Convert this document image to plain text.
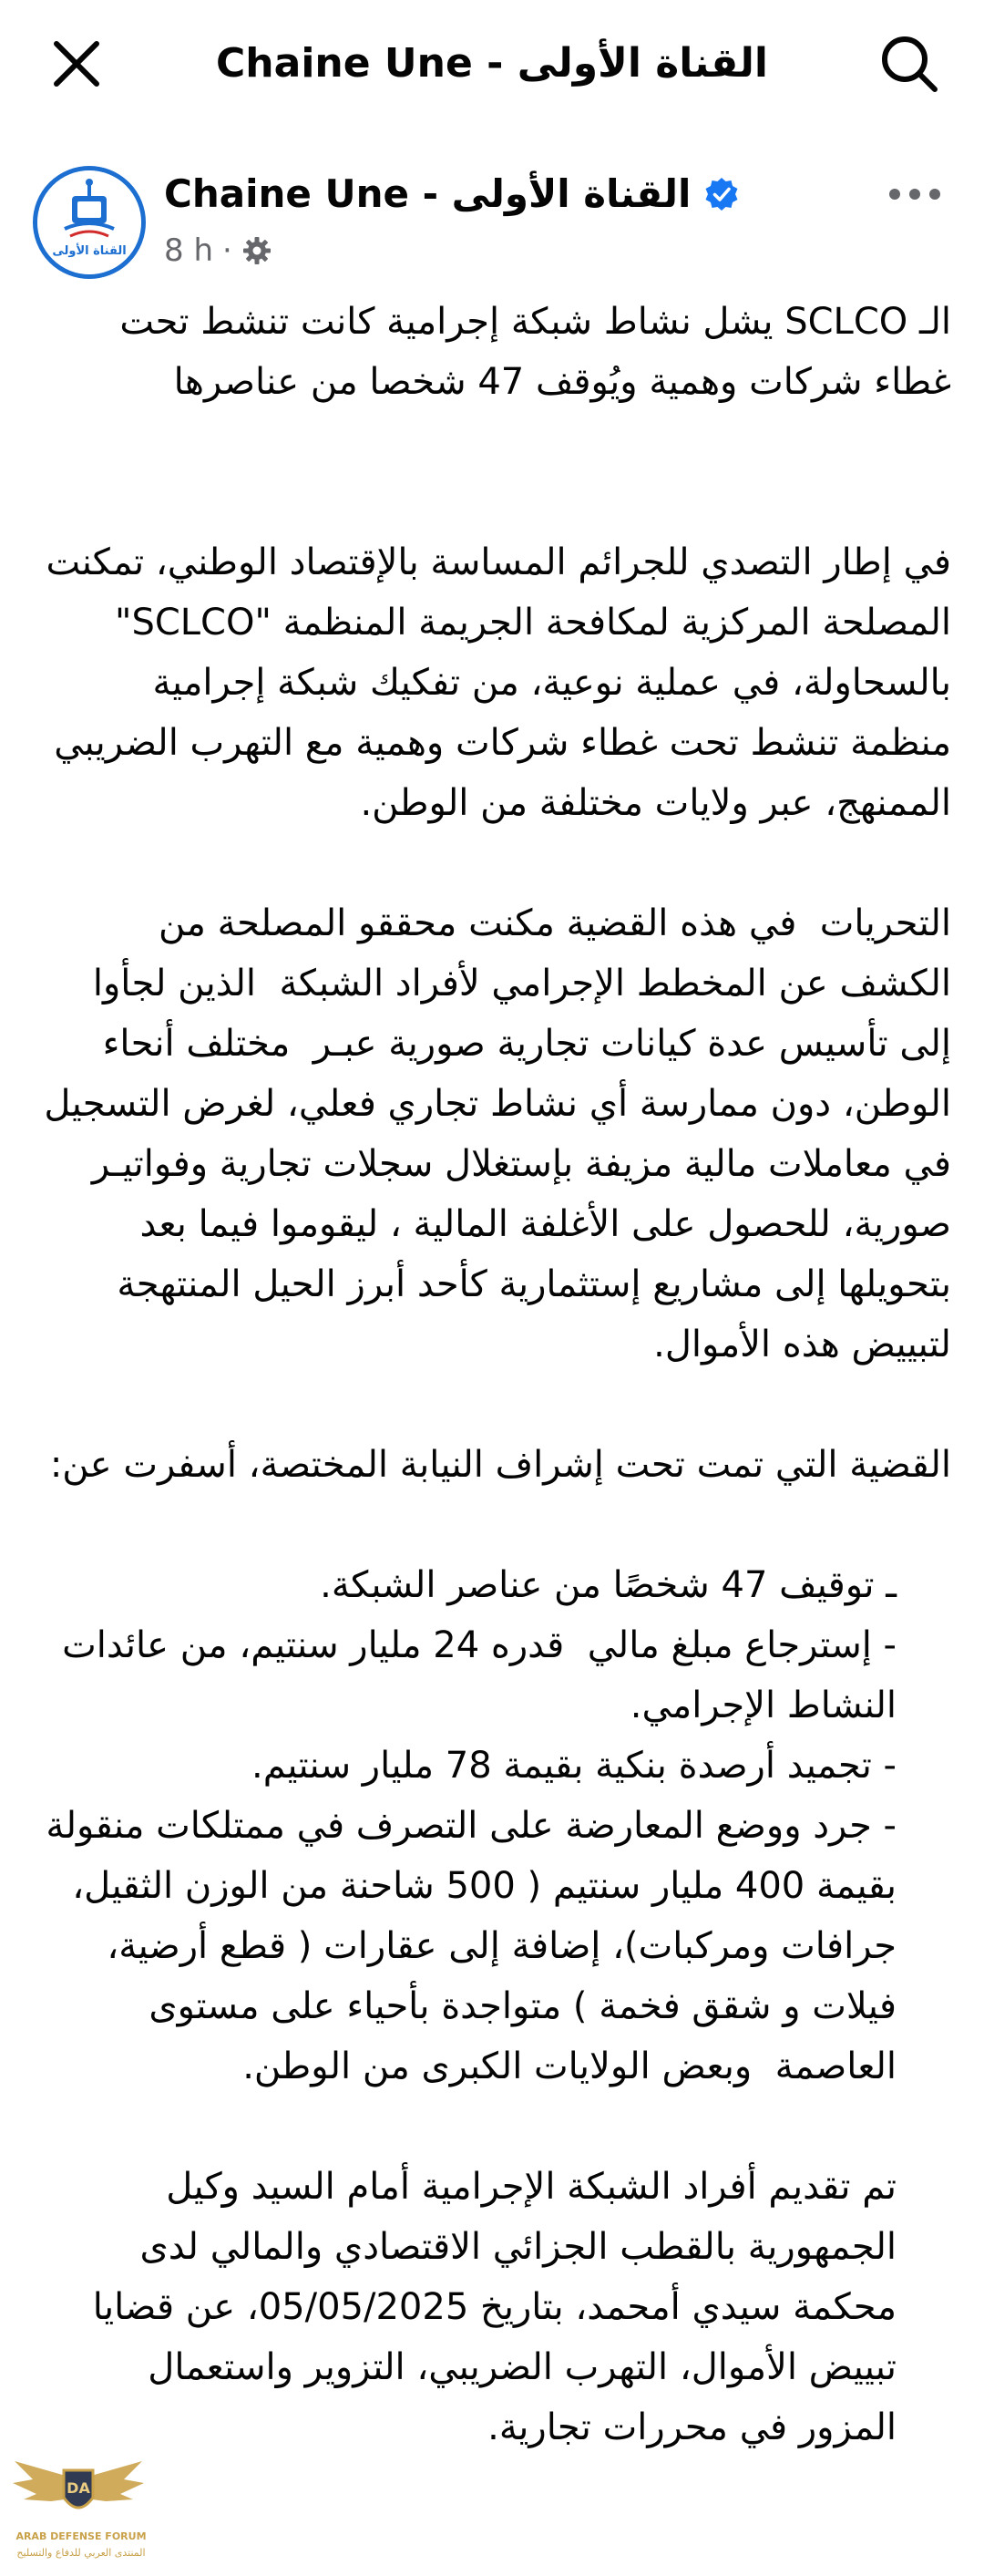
Chaine Une - القناة الأولى
القناة الأولى
Chaine Une - القناة الأولى
8 h ·

الـ SCLCO يشل نشاط شبكة إجرامية كانت تنشط تحت غطاء شركات وهمية ويُوقف 47 شخصا من عناصرها

في إطار التصدي للجرائم المساسة بالإقتصاد الوطني، تمكنت المصلحة المركزية لمكافحة الجريمة المنظمة "SCLCO" بالسحاولة، في عملية نوعية، من تفكيك شبكة إجرامية منظمة تنشط تحت غطاء شركات وهمية مع التهرب الضريبي الممنهج، عبر ولايات مختلفة من الوطن.

التحريات  في هذه القضية مكنت محققو المصلحة من الكشف عن المخطط الإجرامي لأفراد الشبكة  الذين لجأوا إلى تأسيس عدة كيانات تجارية صورية عبـر  مختلف أنحاء الوطن، دون ممارسة أي نشاط تجاري فعلي، لغرض التسجيل في معاملات مالية مزيفة بإستغلال سجلات تجارية وفواتيـر صورية، للحصول على الأغلفة المالية ، ليقوموا فيما بعد بتحويلها إلى مشاريع إستثمارية كأحد أبرز الحيل المنتهجة لتبييض هذه الأموال.

القضية التي تمت تحت إشراف النيابة المختصة، أسفرت عن:

ـ توقيف 47 شخصًا من عناصر الشبكة.

- إسترجاع مبلغ مالي  قدره 24 مليار سنتيم، من عائدات النشاط الإجرامي.

- تجميد أرصدة بنكية بقيمة 78 مليار سنتيم.

- جرد ووضع المعارضة على التصرف في ممتلكات منقولة بقيمة 400 مليار سنتيم ( 500 شاحنة من الوزن الثقيل، جرافات ومركبات)، إضافة إلى عقارات ( قطع أرضية، فيلات و شقق فخمة ) متواجدة بأحياء على مستوى العاصمة  وبعض الولايات الكبرى من الوطن.

تم تقديم أفراد الشبكة الإجرامية أمام السيد وكيل الجمهورية بالقطب الجزائي الاقتصادي والمالي لدى محكمة سيدي أمحمد، بتاريخ 05/05/2025، عن قضايا تبييض الأموال، التهرب الضريبي، التزوير واستعمال المزور في محررات تجارية.

DA
ARAB DEFENSE FORUM
المنتدى العربي للدفاع والتسليح
